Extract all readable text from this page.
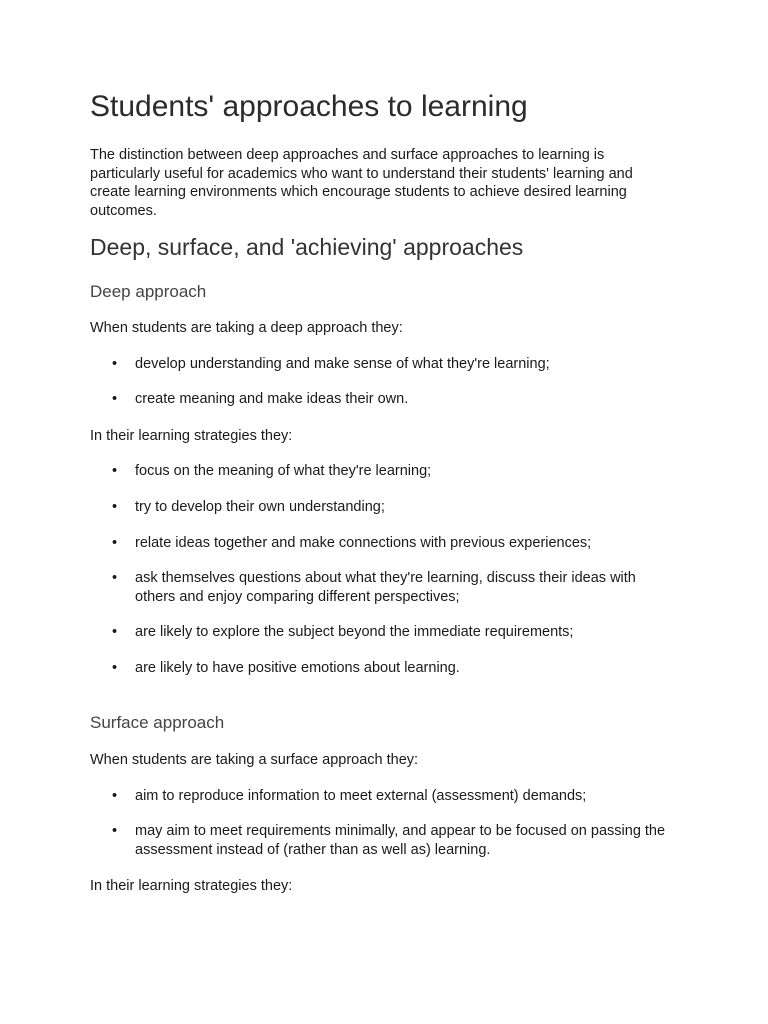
Students' approaches to learning

The distinction between deep approaches and surface approaches to learning is particularly useful for academics who want to understand their students' learning and create learning environments which encourage students to achieve desired learning outcomes.

Deep, surface, and 'achieving' approaches
Deep approach

When students are taking a deep approach they:

• develop understanding and make sense of what they're learning;
• create meaning and make ideas their own.

In their learning strategies they:

• focus on the meaning of what they're learning;
• try to develop their own understanding;
• relate ideas together and make connections with previous experiences;
• ask themselves questions about what they're learning, discuss their ideas with others and enjoy comparing different perspectives;
• are likely to explore the subject beyond the immediate requirements;
• are likely to have positive emotions about learning.
Surface approach

When students are taking a surface approach they:

• aim to reproduce information to meet external (assessment) demands;
• may aim to meet requirements minimally, and appear to be focused on passing the assessment instead of (rather than as well as) learning.

In their learning strategies they:
